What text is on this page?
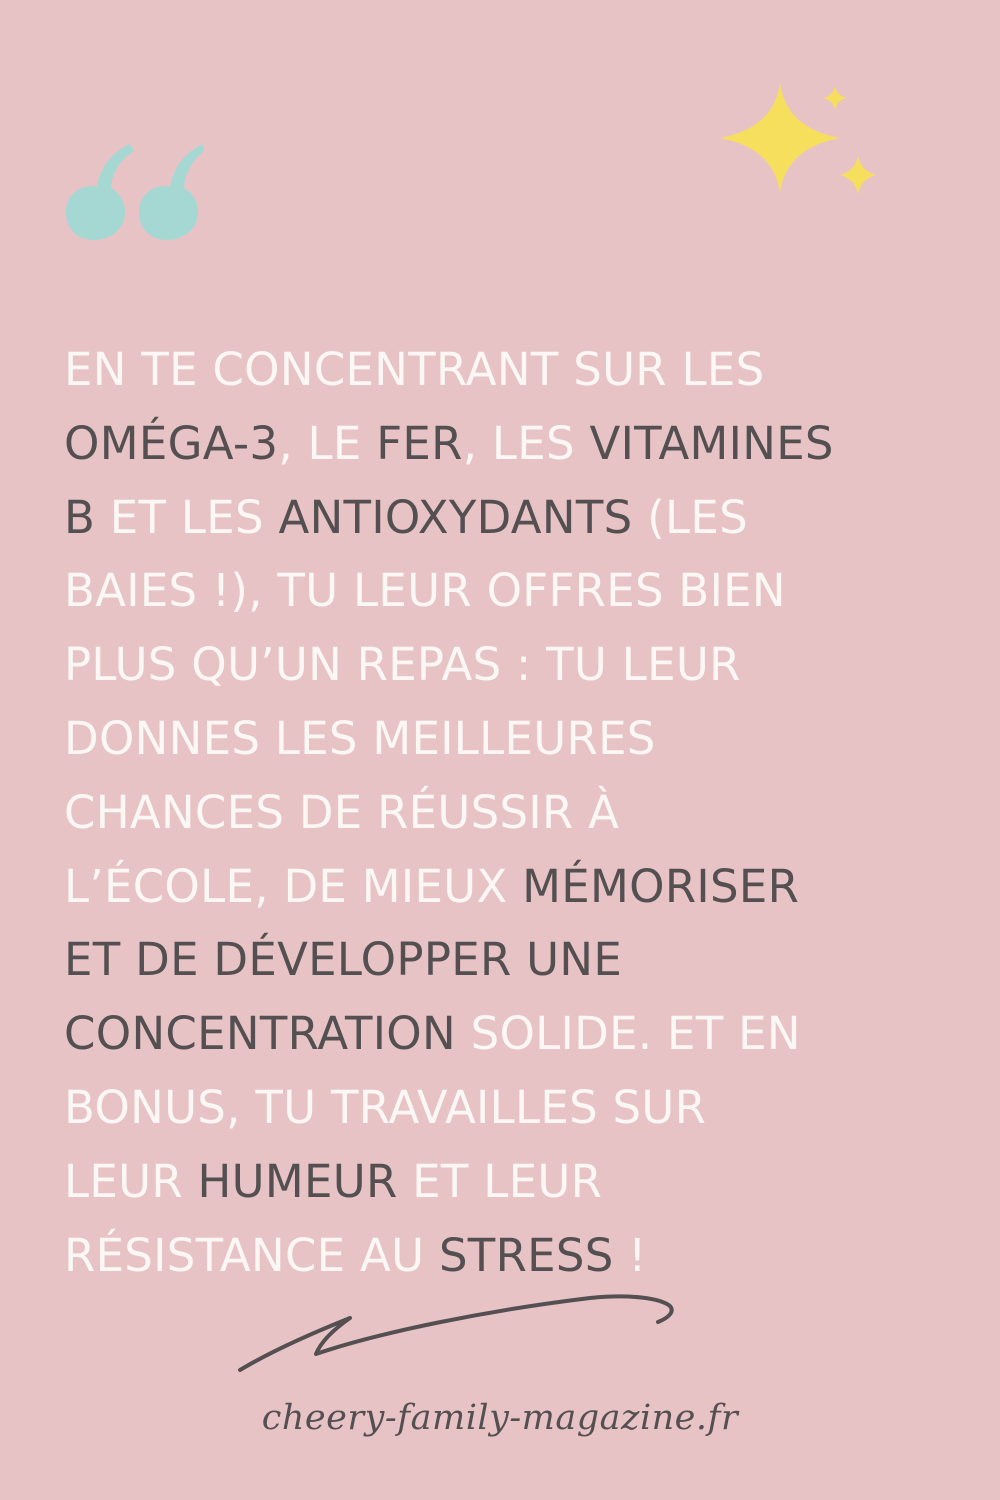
EN TE CONCENTRANT SUR LES
OMÉGA-3, LE FER, LES VITAMINES
B ET LES ANTIOXYDANTS (LES
BAIES !), TU LEUR OFFRES BIEN
PLUS QU’UN REPAS : TU LEUR
DONNES LES MEILLEURES
CHANCES DE RÉUSSIR À
L’ÉCOLE, DE MIEUX MÉMORISER
ET DE DÉVELOPPER UNE
CONCENTRATION SOLIDE. ET EN
BONUS, TU TRAVAILLES SUR
LEUR HUMEUR ET LEUR
RÉSISTANCE AU STRESS !

cheery-family-magazine.fr
